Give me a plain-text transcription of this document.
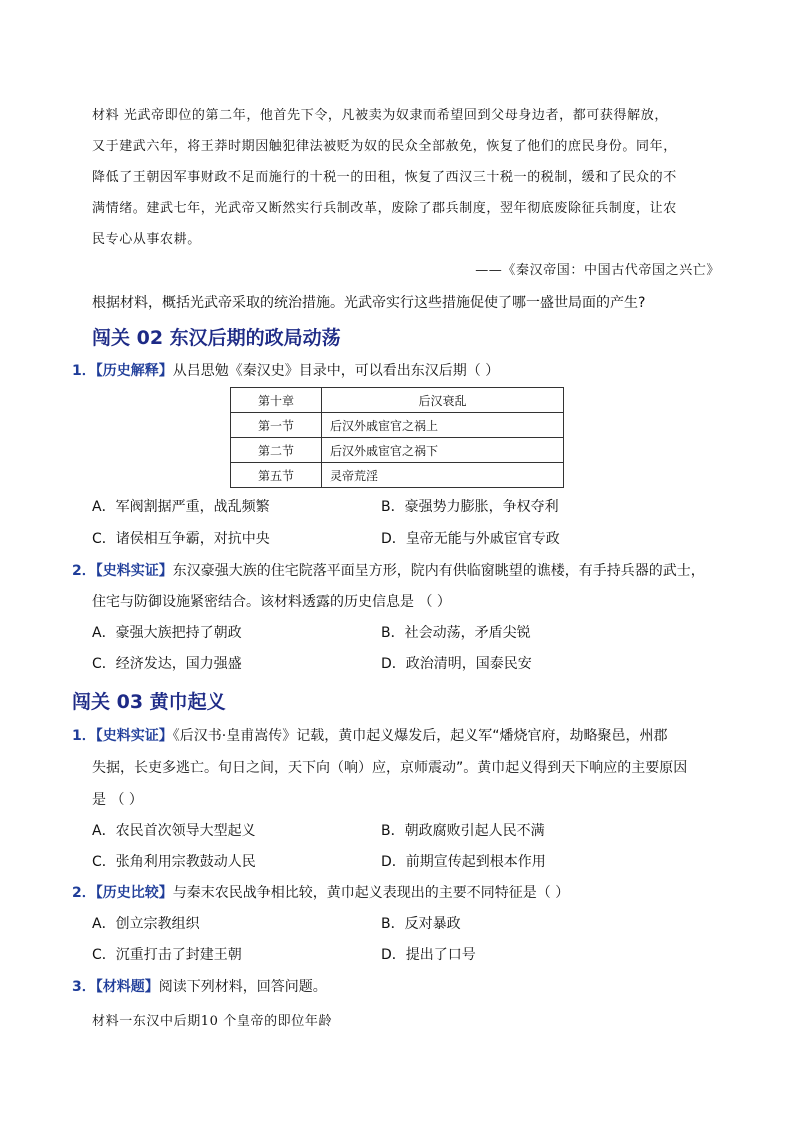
材料 光武帝即位的第二年，他首先下令，凡被卖为奴隶而希望回到父母身边者，都可获得解放，
又于建武六年，将王莽时期因触犯律法被贬为奴的民众全部赦免，恢复了他们的庶民身份。同年，
降低了王朝因军事财政不足而施行的十税一的田租，恢复了西汉三十税一的税制，缓和了民众的不
满情绪。建武七年，光武帝又断然实行兵制改革，废除了郡兵制度，翌年彻底废除征兵制度，让农
民专心从事农耕。
——《秦汉帝国：中国古代帝国之兴亡》
根据材料，概括光武帝采取的统治措施。光武帝实行这些措施促使了哪一盛世局面的产生?
闯关 02 东汉后期的政局动荡
1．【历史解释】从吕思勉《秦汉史》目录中，可以看出东汉后期（ ）
第十章	后汉衰乱
第一节	后汉外戚宦官之祸上
第二节	后汉外戚宦官之祸下
第五节	灵帝荒淫
A．军阀割据严重，战乱频繁	B．豪强势力膨胀，争权夺利
C．诸侯相互争霸，对抗中央	D．皇帝无能与外戚宦官专政
2．【史料实证】东汉豪强大族的住宅院落平面呈方形，院内有供临窗眺望的谯楼，有手持兵器的武士，
住宅与防御设施紧密结合。该材料透露的历史信息是 （ ）
A．豪强大族把持了朝政	B．社会动荡，矛盾尖锐
C．经济发达，国力强盛	D．政治清明，国泰民安
闯关 03 黄巾起义
1．【史料实证】《后汉书·皇甫嵩传》记载，黄巾起义爆发后，起义军“燔烧官府，劫略聚邑，州郡
失据，长吏多逃亡。旬日之间，天下向（响）应，京师震动”。黄巾起义得到天下响应的主要原因
是 （ ）
A．农民首次领导大型起义	B．朝政腐败引起人民不满
C．张角利用宗教鼓动人民	D．前期宣传起到根本作用
2．【历史比较】与秦末农民战争相比较，黄巾起义表现出的主要不同特征是（ ）
A．创立宗教组织	B．反对暴政
C．沉重打击了封建王朝	D．提出了口号
3．【材料题】阅读下列材料，回答问题。
材料一东汉中后期10 个皇帝的即位年龄
